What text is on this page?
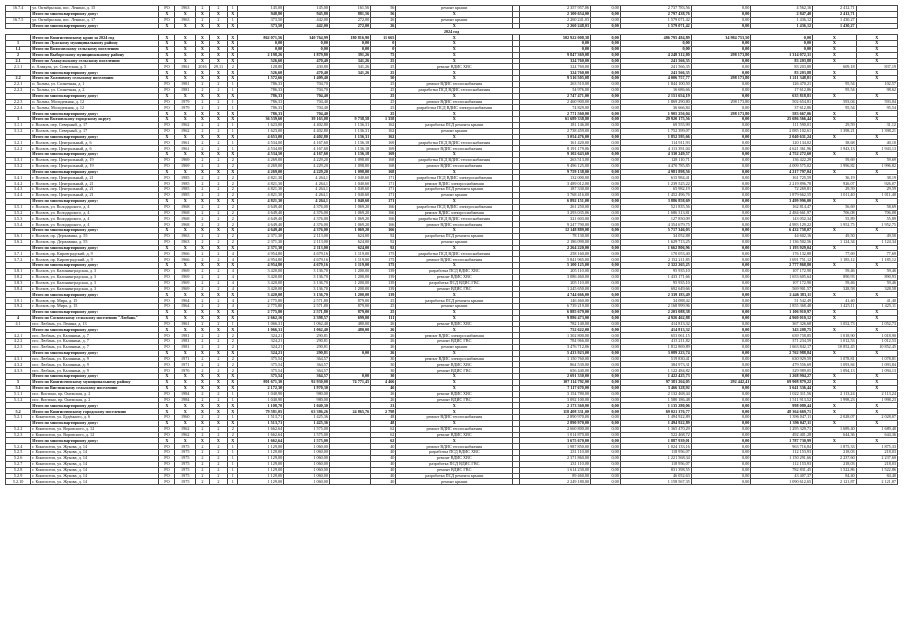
16.7.4	ул. Октябрьская, пос. Ленино, д. 15	РО	1963	2	2	1	145,00	145,00	161,56	56	ремонт крыши		2 357 957,06	0,00	2 737 783,56	0,00	4 562,16	2 412,71	
	Итого по многоквартирному дому:	Х	Х	Х	Х	Х	948,80	945,80	881,56	56	Х		2 100 654,00	0,00	2 797 438,76	0,00	2 847,40	2 412,71	
16.7.5	ул. Октябрьская, пос. Ленино, д. 17	РО	1963	2	2	1	373,50	442,00	272,00	26	ремонт крыши		2 260 241,03	0,00	1 579 071,42	0,00	1 436,12	1 430,27	
	Итого по многоквартирному дому:	Х	Х	Х	Х	Х	373,50	442,00	272,00	26	Х		2 260 248,03	0,00	1 579 071,42	0,00	1 436,12	1 430,27	
2024 год																			
	Итого по Кингисеппскому краю за 2024 год	Х	Х	Х	Х	Х	862 071,56	340 764,99	180 816,90	11 665	Х		502 922 008,38	0,00	486 795 484,89	34 984 753,50	0,00	Х	Х
1	Итого по Лужскому муниципальному району	Х	Х	Х	Х	Х	0,00	0,00	0,00	0	Х		0,00	0,00	0,00	0,00	0,00	Х	Х
1.1	Итого по Волосовскому сельскому поселению	Х	Х	Х	Х	Х	0,00	0,00	0,00	0	Х		0,00	0,00	0,00	0,00	0,00	Х	Х
2	Итого по Выборгскому муниципальному району	Х	Х	Х	Х	Х	2 198,26	1 879,80	391,26	75	Х		9 847 369,08	0,00	4 248 312,80	298 173,80	1 314 072,31	Х	Х
2.1	Итого по Алакульскому сельскому поселению	Х	Х	Х	Х	Х	526,60	470,40	341,26	25	Х		324 760,00	0,00	241 566,35	0,00	83 203,88	Х	Х
2.1.1	п. Алакуль, ул. Советская, д. 5	РО	1961	2016	29,11	2	128,80	430,80	341,26	25	ремонт ВДИС ХВС		324 760,00	0,00	241 566,35	0,00	83 203,88	609,18	837,19
	Итого по многоквартирному дому:	Х	Х	Х	Х	Х	526,60	470,40	341,26	25	Х		324 760,00	0,00	241 566,35	0,00	83 203,88	Х	Х
2.2	Итого по Холмовому сельскому поселению	Х	Х	Х	Х	Х	1 572,66	1 409,40		50	Х		9 516 505,08	0,00	4 006 757,77	298 173,80	1 211 348,81	Х	Х
2.2.1	п. Холмы, ул. Солнечная, д. 1	РО	1981	2	2	1	786,33	704,70		25	ремонт ВДИС теплоснабжения		263 510,00	0,00	1 844 100,50	0,00	126 470,21	95,54	102,57
2.2.2	п. Холмы, ул. Солнечная, д. 2	РО	1981	2	2	1	786,33	704,70		25	разработка ПСД ВДИС теплоснабжения		54 976,00	0,00	16 686,66	0,00	17 612,86	95,54	98,62
	Итого по многоквартирному дому:	Х	Х	Х	Х	Х	786,33	704,40		25	Х		2 747 471,00	0,00	2 151 654,19	0,00	635 818,81	Х	Х
2.2.3	п. Холмы, Молодежная, д. 12	РО	1979	2	2	1	786,33	704,40		25	ремонт ВДИС теплоснабжения		2 460 900,00	0,00	1 869 290,80	298 173,80	502 654,81	593,04	593,04
2.2.4	п. Холмы, Молодежная, д. 12	РО	1979	2	2	1	786,33	704,40		25	разработка ПСД ВДИС электроснабжения		74 829,00	0,00	36 666,84	0,00	37 612,86	95,54	95,54
	Итого по многоквартирному дому:	Х	Х	Х	Х	Х	786,33	704,40		25	Х		2 771 560,00	0,00	1 905 256,04	298 173,80	583 667,06	Х	Х
3	Итого по Волховскому городскому округу	Х	Х	Х	Х	Х	36 539,60	39 163,08	9 738,58	1 358	Х		61 689 338,80	0,00	29 920 175,56	0,00	25 686 566,44	Х	Х
3.1.1	г. Волхов, пер. Северный, д. 17	РО	1962	2	2	1	1 623,00	4 402,80	1 136,31	162	разработка ПСД ремонта крыши		181 146,00	0,00	69 555,99	0,00	111 590,01	29,59	31,12
3.1.2	г. Волхов, пер. Северный, д. 17	РО	1962	2	2	1	1 623,00	4 402,80	1 136,31	162	ремонт крыши		2 738 459,00	0,00	1 752 399,07	0,00	2 085 102,61	1 398,21	1 398,21
	Итого по многоквартирному дому:	Х	Х	Х	Х	Х	4 653,00	4 402,80	1 136,31	162	Х		3 054 476,00	0,00	1 852 595,66	0,00	2 040 631,24	Х	Х
3.2.1	г. Волхов, пер. Центральный, д. 6	РО	1961	2	2	1	4 534,00	4 167,60	1 136,18	169	разработка ПСД ВДИС теплоснабжения		161 420,00	0,00	114 911,93	0,00	120 134,02	38,68	40,10
3.2.2	г. Волхов, пер. Центральный, д. 6	РО	1961	2	2	1	4 534,00	4 167,60	1 136,18	169	ремонт ВДИС теплоснабжения		8 191 179,06	0,00	4 113 391,04	0,00	4 621 361,96	1 943,13	1 943,13
	Итого по многоквартирному дому:	Х	Х	Х	Х	Х	4 534,50	4 167,60	1 136,18	169	Х		9 102 643,60	0,00	4 330 249,57	0,00	4 752 272,60	Х	Х
3.3.1	г. Волхов, пер. Центральный, д. 19	РО	1969	2	2	2	4 269,00	4 229,20	1 098,00	168	разработка ПСД ВДИС теплоснабжения		263 513,00	0,00	128 110,71	0,00	136 422,29	59,69	59,69
3.3.2	г. Волхов, пер. Центральный, д. 19	РО	1969	2	2	2	4 269,00	4 229,20	1 098,00	168	ремонт ВДИС теплоснабжения		9 496 125,00	0,00	4 470 785,85	0,00	4 009 575,02	1 996,82	1 996,82
	Итого по многоквартирному дому:	Х	Х	Х	Х	Х	4 269,00	4 229,20	1 098,00	168	Х		9 759 138,00	0,00	4 981 898,56	0,00	4 217 797,04	Х	Х
3.4.1	г. Волхов, пер. Центральный, д. 21	РО	1985	2	2	2	4 821,30	4 264,1	1 040,60	171	разработка ПСД ВДИС электроснабжения		132 000,00	0,00	615 984,41	0,00	161 725,59	36,19	38,19
3.4.2	г. Волхов, пер. Центральный, д. 21	РО	1985	2	2	2	4 821,30	4 264,1	1 040,60	171	ремонт ВДИС электроснабжения		3 489 012,00	0,00	1 239 525,22	0,00	2 219 896,78	926,07	926,07
3.4.3	г. Волхов, пер. Центральный, д. 21	РО	1985	2	2	2	4 821,30	4 264,1	1 040,60	171	разработка ПСД ремонта крыши		187 330,00	0,00	65 982,19	0,00	72 269,81	29,59	29,59
3.4.4	г. Волхов, пер. Центральный, д. 21	РО	1985	2	2	2	4 821,30	4 264,1	1 040,60	171	ремонт крыши		3 768 416,00	0,00	1 452 496,76	0,00	1 879 662,55	1 011,40	1 011,40
	Итого по многоквартирному дому:	Х	Х	Х	Х	Х	4 821,30	4 264,1	1 040,60	171	Х		6 892 151,00	0,00	3 886 858,69	0,00	3 499 996,00	Х	Х
3.5.1	г. Волхов, ул. Володарского, д. 4	РО	1968	2	2	2	4 649,40	4 376,00	1 069,20	166	разработка ПСД ВДИС электроснабжения		261 250,00	0,00	521 835,56	0,00	162 814,47	56,69	58,69
3.5.2	г. Волхов, ул. Володарского, д. 4	РО	1968	2	2	2	4 649,40	4 376,00	1 069,20	166	ремонт ВДИС электроснабжения		3 293 035,06	0,00	1 686 313,81	0,00	2 484 661,97	706,08	706,08
3.5.3	г. Волхов, ул. Володарского, д. 4	РО	1968	2	2	2	4 649,40	4 376,00	1 069,20	166	разработка ПСД ВДИС теплоснабжения		321 603,00	0,00	127 850,09	0,00	143 052,34	55,89	55,89
3.5.4	г. Волхов, ул. Володарского, д. 4	РО	1968	2	2	2	4 649,40	4 376,00	1 069,20	166	ремонт ВДИС теплоснабжения		9 247 790,00	0,00	4 354 679,75	0,00	4 983 129,22	1 952,75	1 952,75
	Итого по многоквартирному дому:	Х	Х	Х	Х	Х	4 649,40	4 376,00	1 069,20	166	Х		12 148 889,08	0,00	5 717 346,03	0,00	6 432 758,07	Х	Х
3.6.1	г. Волхов, пр. Державина, д. 55	РО	1963	2	2	2	2 371,30	2 113,00	624,00	92	разработка ПСД ремонта крыши		78 130,00	0,00	34 052,88	0,00	44 602,16	49,50	49,50
3.6.2	г. Волхов, пр. Державина, д. 55	РО	1963	2	2	2	2 371,30	2 113,00	624,00	92	ремонт крыши		2 186 090,00	0,00	1 629 713,25	0,00	1 136 502,56	1 124,34	1 124,34
	Итого по многоквартирному дому:	Х	Х	Х	Х	Х	2 371,30	2 113,00	624,00	92	Х		2 264 220,00	0,00	1 662 806,96	0,00	1 193 929,04	Х	Х
3.7.1	г. Волхов, пр. Кировградский, д. 9	РО	1966	2	2	4	4 954,80	4 679,16	1 119,00	175	разработка ПСД ВДИС теплоснабжения		258 160,00	0,00	170 053,40	0,00	176 132,88	77,69	77,69
3.7.2	г. Волхов, пр. Кировградский, д. 9	РО	1966	2	2	4	4 954,80	4 679,16	1 119,00	175	ремонт ВДИС теплоснабжения		5 841 965,00	0,00	2 152 211,85	0,00	1 691 751,12	1 185,12	1 185,12
	Итого по многоквартирному дому:	Х	Х	Х	Х	Х	4 954,80	4 679,16	1 119,00	175	Х		5 100 125,00	0,00	2 322 265,25	0,00	2 777 868,80	Х	Х
3.8.1	г. Волхов, ул. Калининградская, д. 3	РО	1969	2	2	4	3 420,00	3 136,70	1 200,00	139	разработка ПСД ВДИС ХВС		205 110,00	0,00	95 935,10	0,00	107 172,90	59,46	59,46
3.8.2	г. Волхов, ул. Калининградская, д. 3	РО	1969	2	2	4	3 420,00	3 136,70	1 200,00	139	ремонт ВДИС ХВС		3 086 460,00	0,00	1 433 171,66	0,00	1 653 605,64	890,93	890,93
3.8.3	г. Волхов, ул. Калининградская, д. 3	РО	1969	2	2	4	3 420,00	3 136,70	1 200,00	139	разработка ПСД ВДИС ГВС		205 110,00	0,00	95 935,10	0,00	107 172,90	59,46	59,46
3.8.4	г. Волхов, ул. Калининградская, д. 3	РО	1969	2	2	4	3 420,00	3 136,70	1 200,00	139	ремонт ВДИС ГВС		1 245 650,00	0,00	692 649,66	0,00	569 901,57	328,58	328,58
	Итого по многоквартирному дому:	Х	Х	Х	Х	Х	3 420,00	3 136,70	1 200,00	139	Х		4 744 666,00	0,00	2 339 183,49	0,00	2 446 383,11	Х	Х
3.9.1	г. Волхов, пр. Мира, д. 15	РО	1964	2	2	4	2 775,80	2 571,80	879,00	25	разработка ПСД ремонта крыши		146 460,00	0,00	34 088,42	0,00	51 542,49	41,40	41,40
3.9.2	г. Волхов, пр. Мира, д. 15	РО	1964	2	2	4	2 775,80	2 571,80	879,00	25	ремонт крыши		6 739 219,00	0,00	2 168 999,96	0,00	1 855 368,48	1 425,11	1 425,11
	Итого по многоквартирному дому:	Х	Х	Х	Х	Х	2 775,80	2 571,80	879,00	25	Х		6 885 679,00	0,00	2 203 088,38	0,00	1 106 910,97	Х	Х
4	Итого по Сосновскому сельскому поселению "Любань"	Х	Х	Х	Х	Х	2 662,16	2 398,57	699,00	111	Х		9 886 473,00	0,00	4 926 462,88	0,00	4 960 010,12	Х	Х
4.1	пос. Любань, ул. Ленина, д. 13	РО	1961	2	2	1	1 066,31	1 062,40	480,00	26	ремонт ВДИС ХВС		782 140,00	0,00	414 813,32	0,00	367 326,68	1 052,73	1 052,73
	Итого по многоквартирному дому:	Х	Х	Х	Х	Х	1 066,31	1 062,40	480,00	26	Х		752 622,00	0,00	414 813,32	0,00	343 208,75	Х	Х
4.2.1	пос. Любань, ул. Калинина, д. 7	РО	1981	2	2	2	324,21	290,81		26	ремонт ВДИС электроснабжения		1 302 800,00	0,00	653 061,15	0,00	639 758,85	1 018,90	1 018,90
4.2.2	пос. Любань, ул. Калинина, д. 7	РО	1981	2	2	2	324,21	290,81		26	ремонт ВДИС ГВС		784 966,00	0,00	413 211,82	0,00	371 234,59	1 012,53	1 012,53
4.2.3	пос. Любань, ул. Калинина, д. 7	РО	1981	2	2	2	324,21	290,81		26	ремонт крыши		3 476 712,06	0,00	1 812 869,89	0,00	1 663 842,17	10 852,45	10 852,45
	Итого по многоквартирному дому:	Х	Х	Х	Х	Х	324,21	290,81	0,00	26	Х		5 433 923,00	0,00	3 089 223,74	0,00	2 762 988,84	Х	Х
4.3.1	пос. Любань, ул. Калинина, д. 9	РО	1971	2	2	2	375,54	364,57		30	ремонт ВДИС электроснабжения		1 150 760,00	0,00	519 830,41	0,00	630 929,59	1 078,81	1 078,81
4.3.2	пос. Любань, ул. Калинина, д. 9	РО	1971	2	2	2	375,54	364,57		30	ремонт ВДИС ХВС		864 530,00	0,00	384 973,31	0,00	479 556,69	1 093,84	1 093,84
4.3.3	пос. Любань, ул. Калинина, д. 9	РО	1976	2	2	2	375,54	364,57		30	ремонт ВДИС ГВС		656 440,00	0,00	1 122 484,82	0,00	329 989,05	1 094,13	1 094,13
	Итого по многоквартирному дому:	Х	Х	Х	Х	Х	375,54	364,57	0,00	30	Х		2 691 330,00	0,00	1 422 425,73	0,00	1 268 904,27	Х	Х
5	Итого по Кингисеппскому муниципальному району	Х	Х	Х	Х	Х	801 671,30	92 930,00	74 771,45	4 466	Х		107 114 792,00	0,00	97 381 264,05	292 442,41	69 908 879,22	Х	Х
5.1	Итого по Вистинскому сельскому поселению	Х	Х	Х	Х	Х	2 172,30	1 970,30		46	Х		7 117 670,00	0,00	3 466 328,92	0,00	3 641 336,44	Х	Х
5.1.1	пос. Вистино, пр. Онежская, д. 2	РО	1984	2	2	1	1 040,90	980,00		26	ремонт ВДИС ХВС		3 154 780,00	0,00	2 132 468,44	0,00	1 022 311,56	2 113,24	2 113,24
5.1.2	пос. Вистино, пр. Онежская, д. 2	РО	1984	2	2	1	1 040,90	980,00		26	ремонт ВДИС ГВС		3 092 100,00	0,00	1 580 186,48	0,00	1 511 913,52	1 998,23	1 998,23
	Итого по многоквартирному дому:	Х	Х	Х	Х	Х	1 108,70	1 040,30		23	Х		2 173 360,00	0,00	1 135 280,06	0,00	998 080,44	Х	Х
5.2	Итого по Кингисеппскому городскому поселению	Х	Х	Х	Х	Х	79 581,05	63 386,26	24 865,76	2 798	Х		118 408 331,00	0,00	69 021 376,77	0,00	48 364 669,71	Х	Х
5.2.1	г. Кингисепп, ул. Будённого, д. 6	РО	1960	2	2	1	1 513,71	1 425,36		48	ремонт ВДИС теплоснабжения		2 890 970,00	0,00	1 494 922,89	0,00	1 396 047,11	2 028,07	2 028,07
	Итого по многоквартирному дому:	Х	Х	Х	Х	Х	1 513,71	1 425,36		48	Х		2 890 970,00	0,00	1 494 922,89	0,00	1 396 047,11	Х	Х
5.2.2	г. Кингисепп, ул. Воровского, д. 12	РО	1962	2	2	2	1 662,64	1 575,00		62	ремонт ВДИС теплоснабжения		2 660 800,00	0,00	1 365 470,29	0,00	1 295 329,71	1 689,40	1 689,40
5.2.3	г. Кингисепп, ул. Воровского, д. 12	РО	1962	2	2	2	1 662,64	1 575,00		62	ремонт ВДИС ХВС		1 014 870,00	0,00	522 468,72	0,00	492 401,28	644,36	644,36
	Итого по многоквартирному дому:	Х	Х	Х	Х	Х	1 662,64	1 575,00		62	Х		3 675 670,00	0,00	1 887 939,01	0,00	1 787 730,99	Х	Х
5.2.4	г. Кингисепп, ул. Жукова, д. 14	РО	1975	2	2	1	1 129,00	1 060,00		40	ремонт ВДИС теплоснабжения		1 987 850,00	0,00	1 024 133,16	0,00	963 716,84	1 875,33	1 875,33
5.2.5	г. Кингисепп, ул. Жукова, д. 14	РО	1975	2	2	1	1 129,00	1 060,00		40	разработка ПСД ВДИС ХВС		231 110,00	0,00	118 956,07	0,00	112 153,93	218,03	218,03
5.2.6	г. Кингисепп, ул. Жукова, д. 14	РО	1975	2	2	1	1 129,00	1 060,00		40	ремонт ВДИС ХВС		2 371 860,00	0,00	1 221 568,34	0,00	1 150 291,66	2 237,60	2 237,60
5.2.7	г. Кингисепп, ул. Жукова, д. 14	РО	1975	2	2	1	1 129,00	1 060,00		40	разработка ПСД ВДИС ГВС		231 110,00	0,00	118 956,07	0,00	112 153,93	218,03	218,03
5.2.8	г. Кингисепп, ул. Жукова, д. 14	РО	1975	2	2	1	1 129,00	1 060,00		40	ремонт ВДИС ГВС		1 614 230,00	0,00	831 398,55	0,00	782 831,45	1 522,86	1 522,86
5.2.9	г. Кингисепп, ул. Жукова, д. 14	РО	1975	2	2	1	1 129,00	1 060,00		40	разработка ПСД ремонта крыши		89 460,00	0,00	46 052,63	0,00	43 407,37	84,40	84,40
5.2.10	г. Кингисепп, ул. Жукова, д. 14	РО	1975	2	2	1	1 129,00	1 060,00		40	ремонт крыши		2 249 180,00	0,00	1 158 567,35	0,00	1 090 612,65	2 121,87	2 121,87
